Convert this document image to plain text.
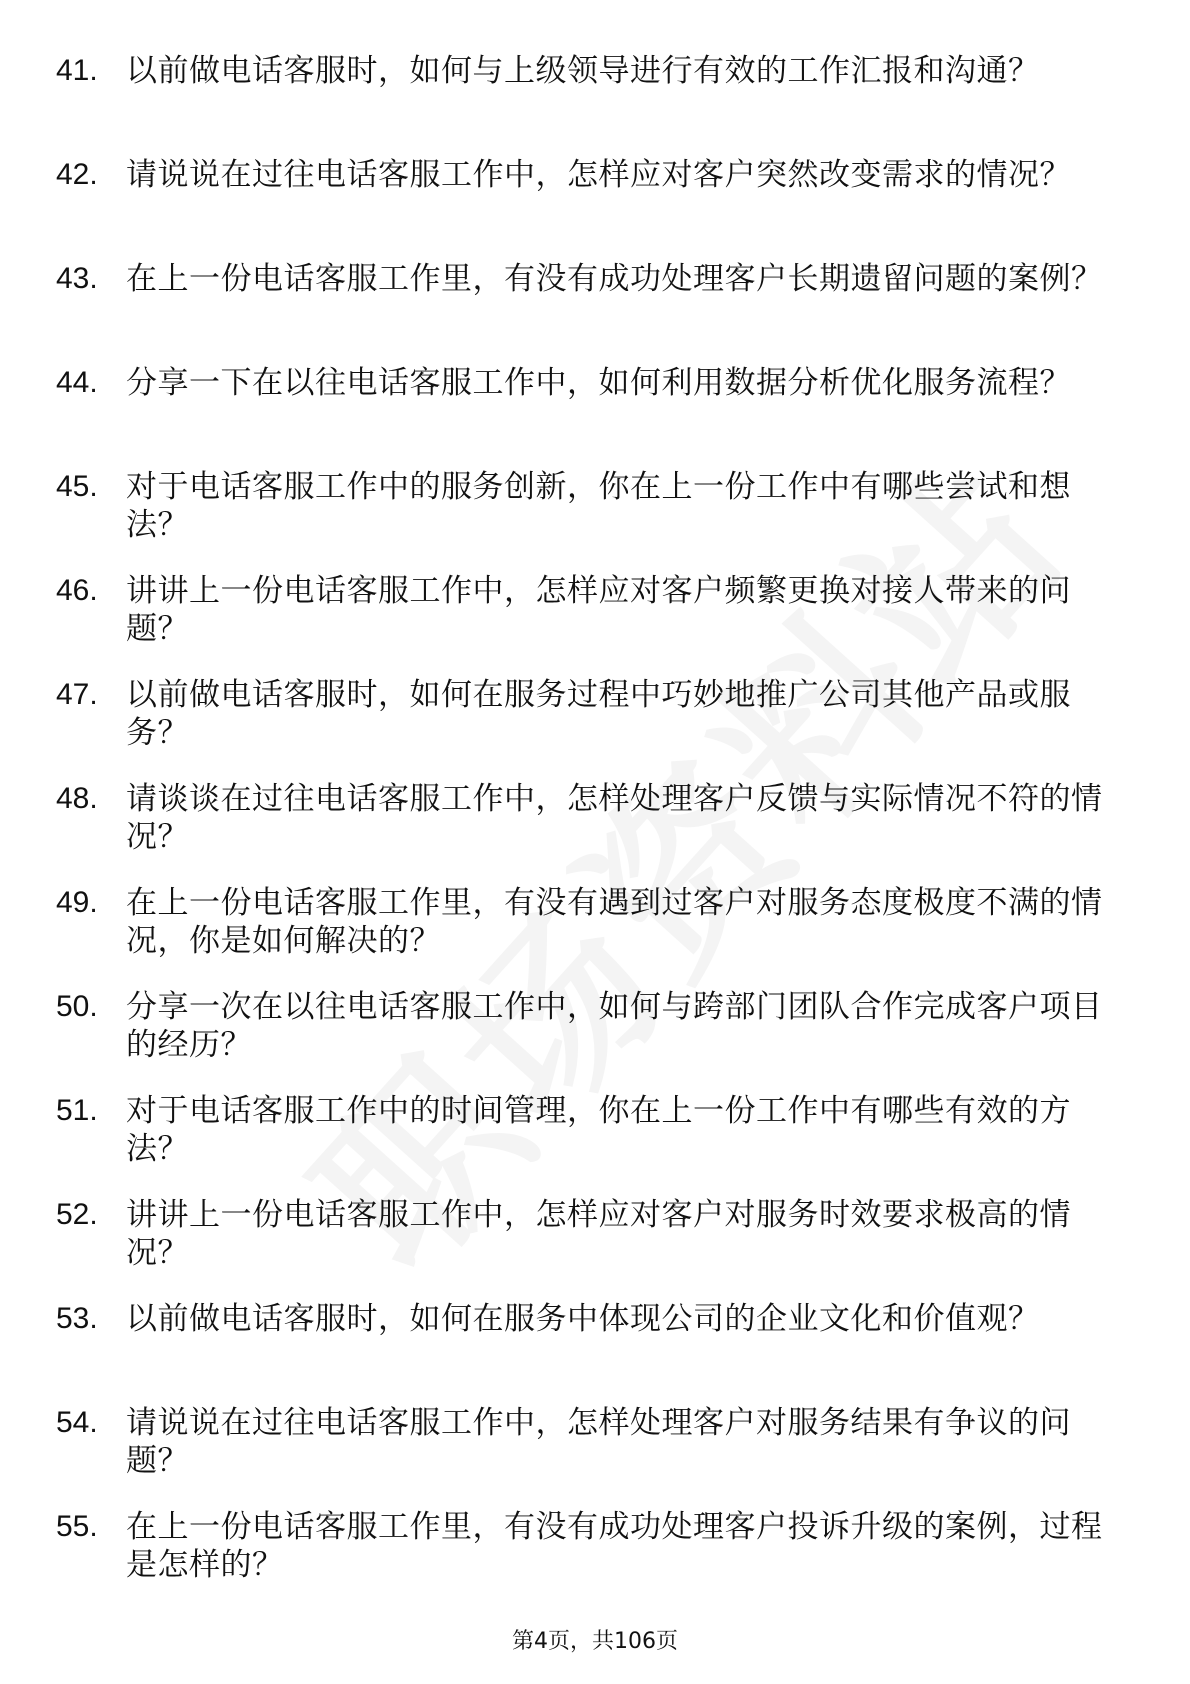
41. 以前做电话客服时，如何与上级领导进行有效的工作汇报和沟通？
42. 请说说在过往电话客服工作中，怎样应对客户突然改变需求的情况？
43. 在上一份电话客服工作里，有没有成功处理客户长期遗留问题的案例？
44. 分享一下在以往电话客服工作中，如何利用数据分析优化服务流程？
45. 对于电话客服工作中的服务创新，你在上一份工作中有哪些尝试和想法？
46. 讲讲上一份电话客服工作中，怎样应对客户频繁更换对接人带来的问题？
47. 以前做电话客服时，如何在服务过程中巧妙地推广公司其他产品或服务？
48. 请谈谈在过往电话客服工作中，怎样处理客户反馈与实际情况不符的情况？
49. 在上一份电话客服工作里，有没有遇到过客户对服务态度极度不满的情况，你是如何解决的？
50. 分享一次在以往电话客服工作中，如何与跨部门团队合作完成客户项目的经历？
51. 对于电话客服工作中的时间管理，你在上一份工作中有哪些有效的方法？
52. 讲讲上一份电话客服工作中，怎样应对客户对服务时效要求极高的情况？
53. 以前做电话客服时，如何在服务中体现公司的企业文化和价值观？
54. 请说说在过往电话客服工作中，怎样处理客户对服务结果有争议的问题？
55. 在上一份电话客服工作里，有没有成功处理客户投诉升级的案例，过程是怎样的？
第4页，共106页
